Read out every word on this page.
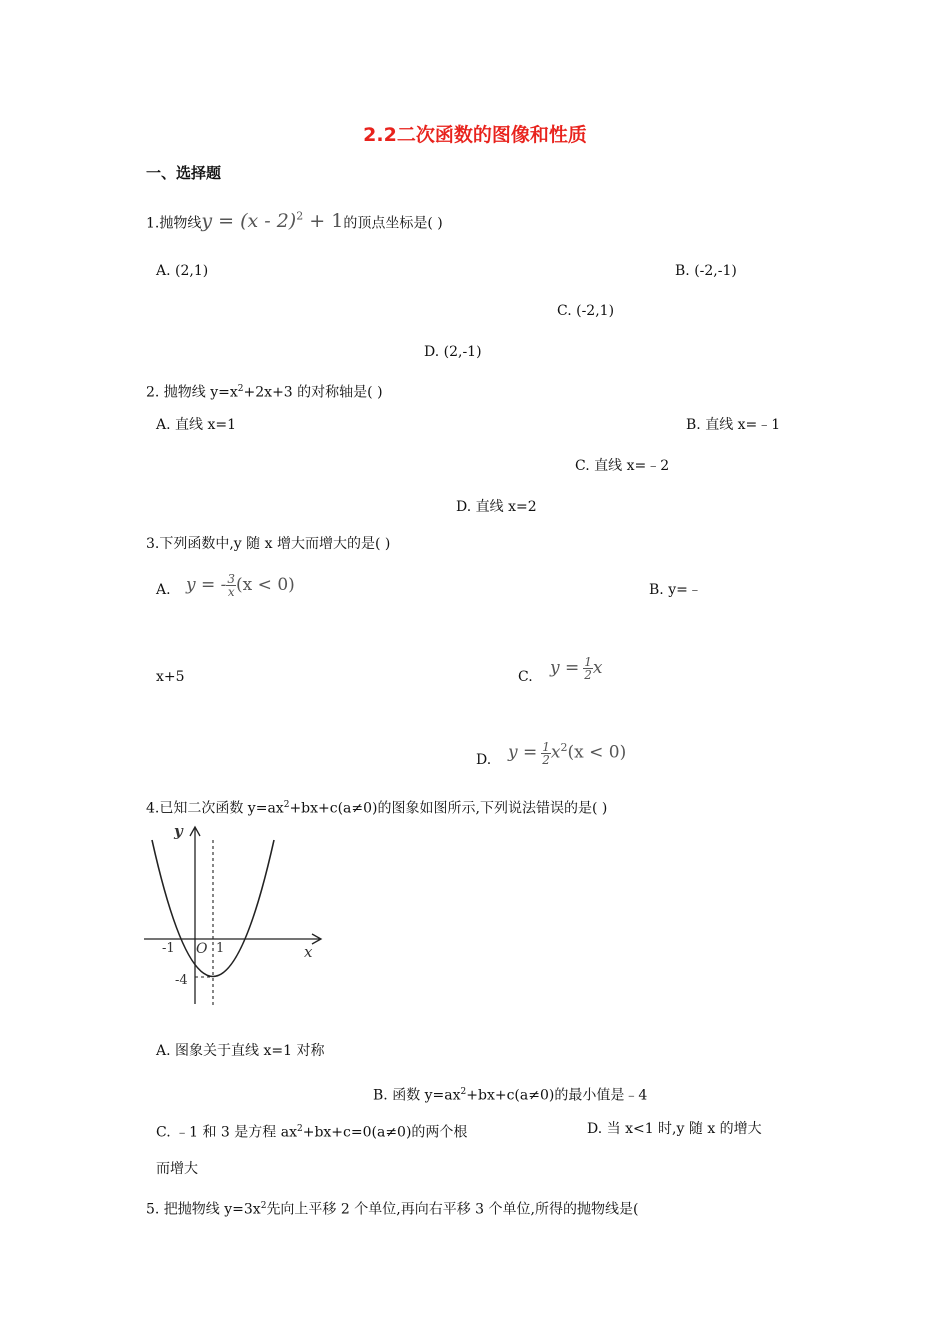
2.2二次函数的图像和性质
一、选择题
1.抛物线y = (x - 2)$^2$ + 1的顶点坐标是( )
A. (2,1)	B. (-2,-1)
C. (-2,1)
D. (2,-1)
2. 抛物线 $y=x^2+2x+3$ 的对称轴是( )
A. 直线 x=1	B. 直线 x=﹣1
C. 直线 x=﹣2
D. 直线 x=2
3.下列函数中,y 随 x 增大而增大的是( )
A. y = - $\frac{3}{x} (x < 0)$	B. y=﹣
x+5	C. $y = \frac{1}{2}$ x
D. $y = \frac{1}{2} x^2(x < 0)$
4.已知二次函数 $y=ax^2+bx+c(a\ne 0)$的图象如图所示,下列说法错误的是( )
y
x
O
-1	1
-4
A. 图象关于直线 x=1 对称
B. 函数 $y=ax^2+bx+c(a\ne 0)$的最小值是﹣4
C. ﹣1 和 3 是方程 $ax^2+bx+c=0(a\ne 0)$的两个根	D. 当 x<1 时,y 随 x 的增大
而增大
5. 把抛物线 $y=3x^2$先向上平移 2 个单位,再向右平移 3 个单位,所得的抛物线是(
